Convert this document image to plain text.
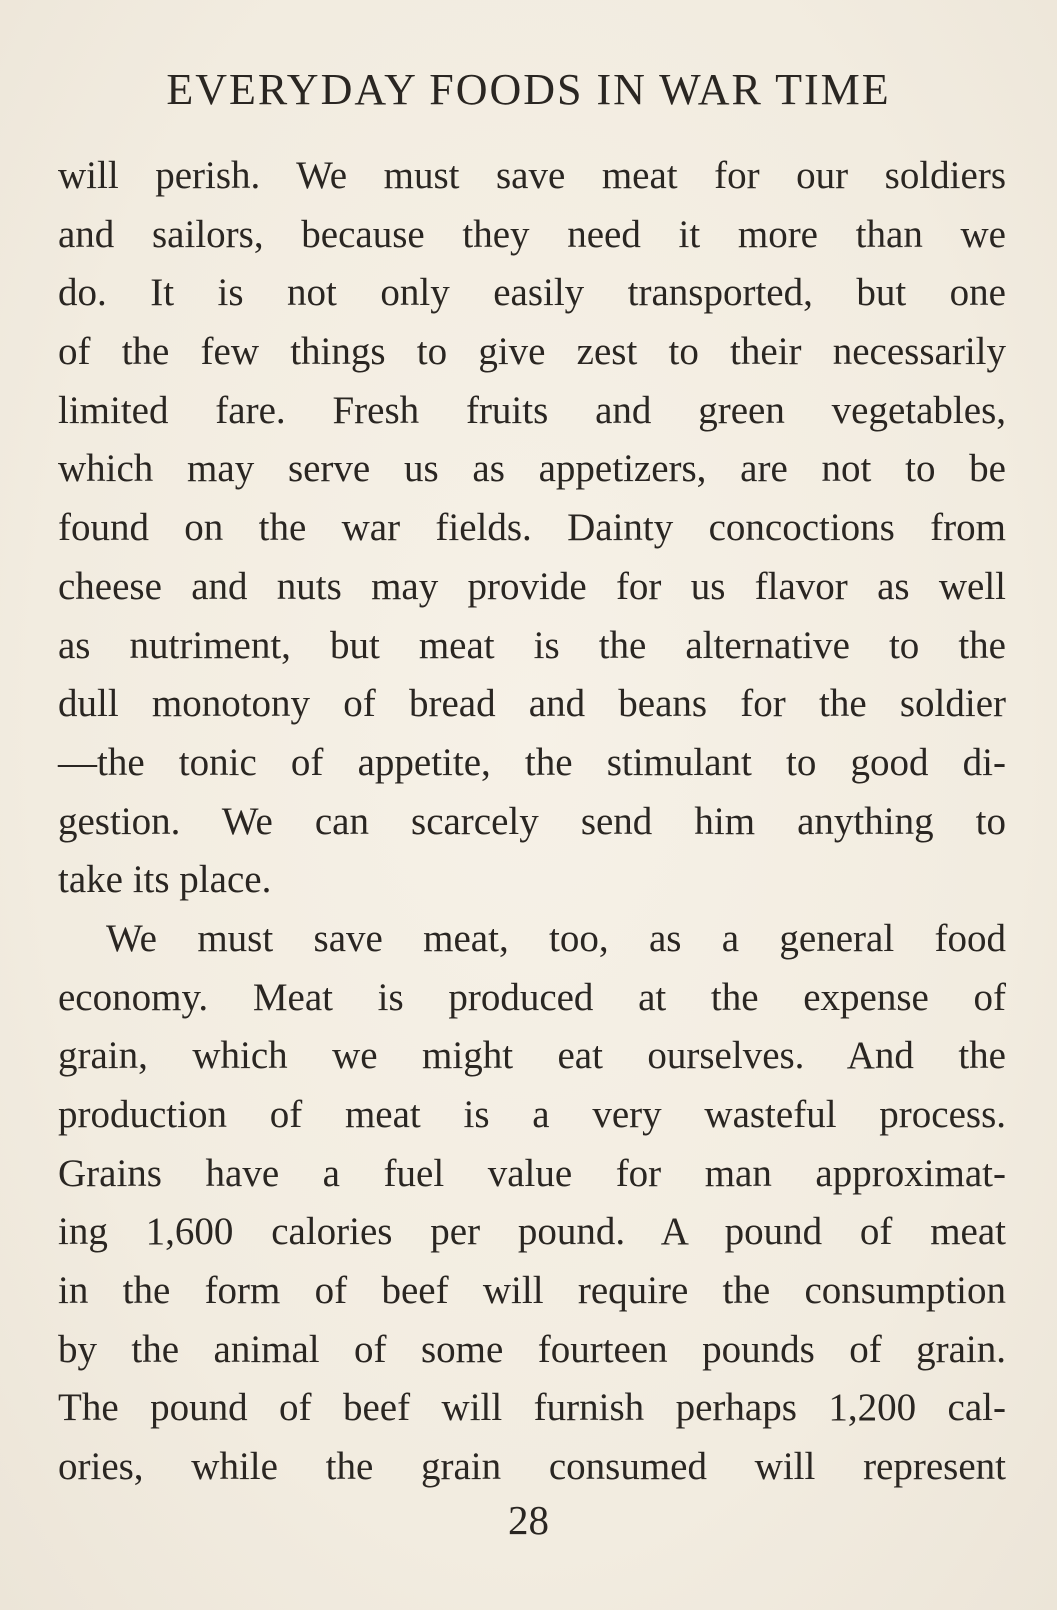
EVERYDAY FOODS IN WAR TIME
will perish. We must save meat for our soldiers
and sailors, because they need it more than we
do. It is not only easily transported, but one
of the few things to give zest to their necessarily
limited fare. Fresh fruits and green vegetables,
which may serve us as appetizers, are not to be
found on the war fields. Dainty concoctions from
cheese and nuts may provide for us flavor as well
as nutriment, but meat is the alternative to the
dull monotony of bread and beans for the soldier
—the tonic of appetite, the stimulant to good di-
gestion. We can scarcely send him anything to
take its place.
We must save meat, too, as a general food
economy. Meat is produced at the expense of
grain, which we might eat ourselves. And the
production of meat is a very wasteful process.
Grains have a fuel value for man approximat-
ing 1,600 calories per pound. A pound of meat
in the form of beef will require the consumption
by the animal of some fourteen pounds of grain.
The pound of beef will furnish perhaps 1,200 cal-
ories, while the grain consumed will represent
28
